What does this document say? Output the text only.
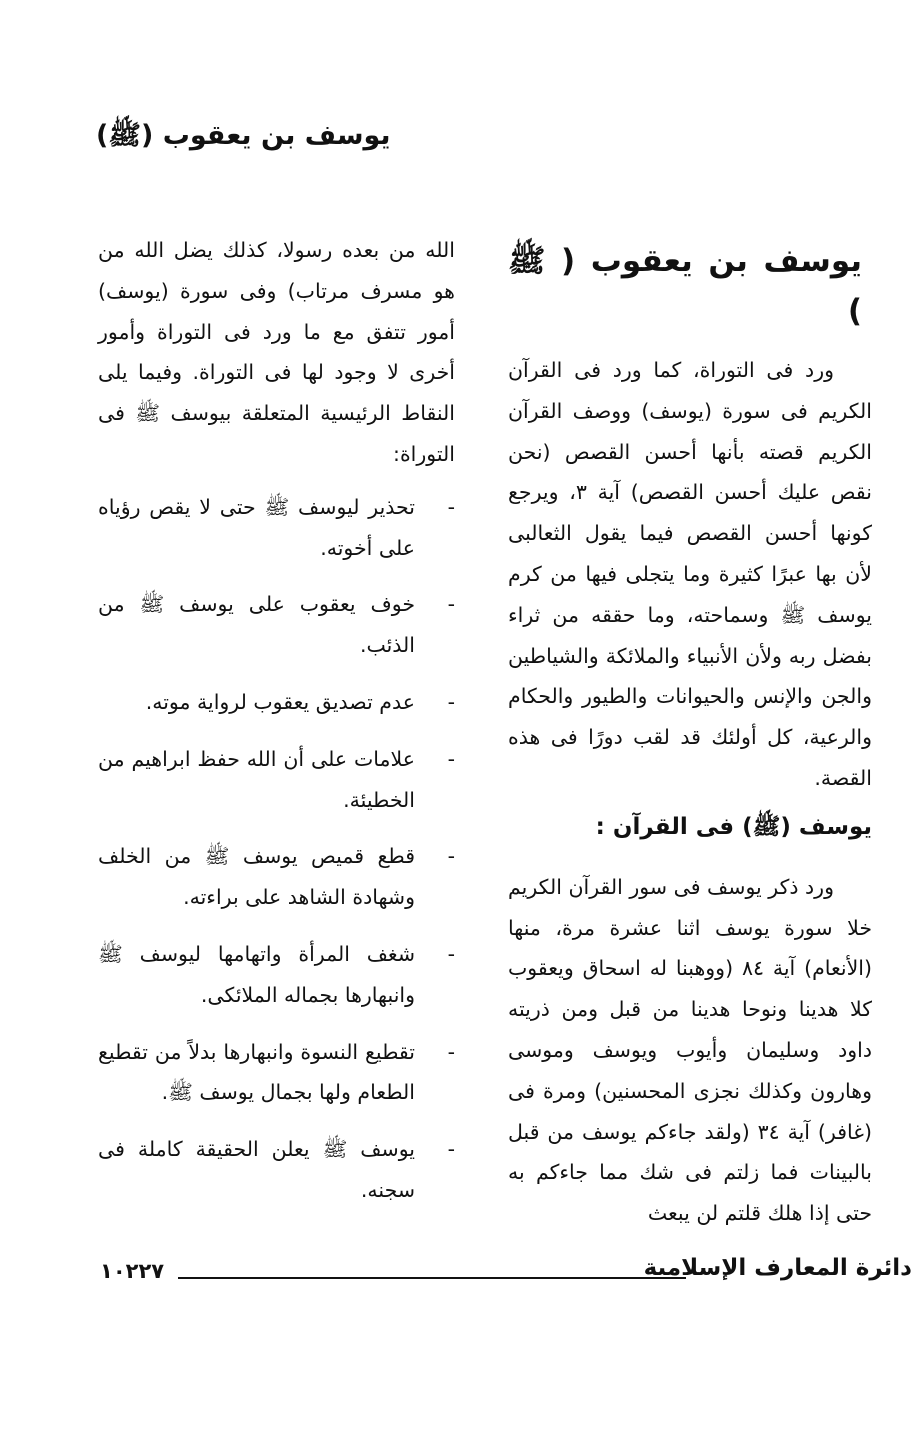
يوسف بن يعقوب (ﷺ)
يوسف بن يعقوب ( ﷺ )

ورد فى التوراة، كما ورد فى القرآن الكريم فى سورة (يوسف) ووصف القرآن الكريم قصته بأنها أحسن القصص (نحن نقص عليك أحسن القصص) آية ٣، ويرجع كونها أحسن القصص فيما يقول الثعالبى لأن بها عبرًا كثيرة وما يتجلى فيها من كرم يوسف ﷺ وسماحته، وما حققه من ثراء بفضل ربه ولأن الأنبياء والملائكة والشياطين والجن والإنس والحيوانات والطيور والحكام والرعية، كل أولئك قد لقب دورًا فى هذه القصة.

يوسف (ﷺ) فى القرآن :

ورد ذكر يوسف فى سور القرآن الكريم خلا سورة يوسف اثنا عشرة مرة، منها (الأنعام) آية ٨٤ (ووهبنا له اسحاق ويعقوب كلا هدينا ونوحا هدينا من قبل ومن ذريته داود وسليمان وأيوب ويوسف وموسى وهارون وكذلك نجزى المحسنين) ومرة فى (غافر) آية ٣٤ (ولقد جاءكم يوسف من قبل بالبينات فما زلتم فى شك مما جاءكم به حتى إذا هلك قلتم لن يبعث

الله من بعده رسولا، كذلك يضل الله من هو مسرف مرتاب) وفى سورة (يوسف) أمور تتفق مع ما ورد فى التوراة وأمور أخرى لا وجود لها فى التوراة. وفيما يلى النقاط الرئيسية المتعلقة بيوسف ﷺ فى التوراة:

-
تحذير ليوسف ﷺ حتى لا يقص رؤياه على أخوته.
-
خوف يعقوب على يوسف ﷺ من الذئب.
-
عدم تصديق يعقوب لرواية موته.
-
علامات على أن الله حفظ ابراهيم من الخطيئة.
-
قطع قميص يوسف ﷺ من الخلف وشهادة الشاهد على براءته.
-
شغف المرأة واتهامها ليوسف ﷺ وانبهارها بجماله الملائكى.
-
تقطيع النسوة وانبهارها بدلاً من تقطيع الطعام ولها بجمال يوسف ﷺ.
-
يوسف ﷺ يعلن الحقيقة كاملة فى سجنه.
دائرة المعارف الإسلامية
١٠٢٢٧
